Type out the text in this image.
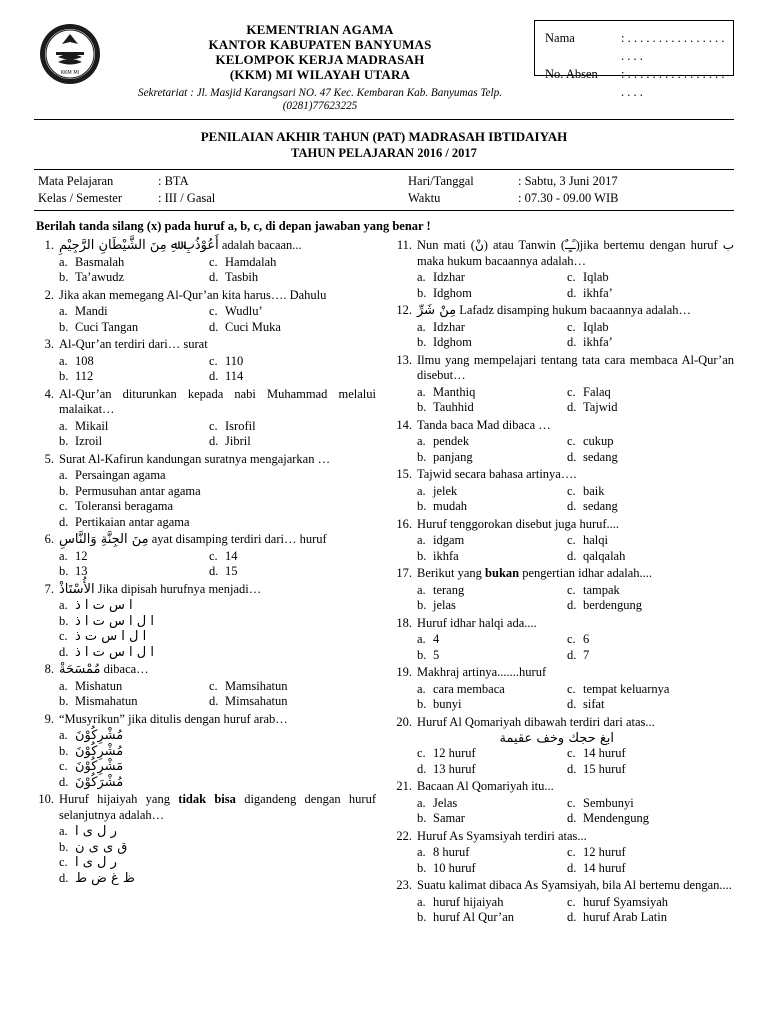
KKM MI
KEMENTRIAN AGAMA
KANTOR KABUPATEN BANYUMAS
KELOMPOK KERJA MADRASAH
(KKM) MI WILAYAH UTARA
Sekretariat : Jl. Masjid Karangsari NO. 47 Kec. Kembaran Kab. Banyumas Telp. (0281)77623225
Nama	: . . . . . . . . . . . . . . . . . . . .
No. Absen	: . . . . . . . . . . . . . . . . . . . .
PENILAIAN AKHIR TAHUN (PAT) MADRASAH IBTIDAIYAH
TAHUN PELAJARAN 2016 / 2017
Mata Pelajaran	: BTA	Hari/Tanggal	: Sabtu, 3 Juni 2017
Kelas / Semester	: III / Gasal	Waktu	: 07.30 - 09.00 WIB
Berilah tanda silang (x) pada huruf a, b, c, di depan jawaban yang benar !
1. أَعُوْذُبِ ﷲِ مِنَ الشَّيْطَانِ الرَّجِيْمِ adalah bacaan...
a. Basmalah	c. Hamdalah
b. Ta’awudz	d. Tasbih
2. Jika akan memegang Al-Qur’an kita harus…. Dahulu
a. Mandi	c. Wudlu’
b. Cuci Tangan	d. Cuci Muka
3. Al-Qur’an terdiri dari… surat
a. 108	c. 110
b. 112	d. 114
4. Al-Qur’an diturunkan kepada nabi Muhammad melalui malaikat…
a. Mikail	c. Isrofil
b. Izroil	d. Jibril
5. Surat Al-Kafirun kandungan suratnya mengajarkan …
a. Persaingan agama
b. Permusuhan antar agama
c. Toleransi beragama
d. Pertikaian antar agama
6. مِنَ الجِنَّةِ وَالنَّاسِ ayat disamping terdiri dari… huruf
a. 12	c. 14
b. 13	d. 15
7. الأُسْتَاذْ Jika dipisah hurufnya menjadi…
a. ا س ت ا ذ
b. ا ل ا س ت ا ذ
c. ا ل ا س ت ذ
d. ا ل ا س ت ا ذ
8. مُمْسَحَةْ dibaca…
a. Mishatun	c. Mamsihatun
b. Mismahatun	d. Mimsahatun
9. “Musyrikun” jika ditulis dengan huruf arab…
a. مُشْرِكُوْنَ
b. مُشْرِكُوْنَ
c. مَشْرِكُوْنَ
d. مُشْرَكُوْنَ
10. Huruf hijaiyah yang tidak bisa digandeng dengan huruf selanjutnya adalah…
a. ر ل ى ا
b. ق ى ى ن
c. ر ل ى ا
d. ظ غ ض ط
11. Nun mati (نْ) atau Tanwin (ـًـٍـٌ)jika bertemu dengan huruf ب maka hukum bacaannya adalah…
a. Idzhar	c. Iqlab
b. Idghom	d. ikhfa’
12. مِنْ شَرِّ Lafadz disamping hukum bacaannya adalah…
a. Idzhar	c. Iqlab
b. Idghom	d. ikhfa’
13. Ilmu yang mempelajari tentang tata cara membaca Al-Qur’an disebut…
a. Manthiq	c. Falaq
b. Tauhhid	d. Tajwid
14. Tanda baca Mad dibaca …
a. pendek	c. cukup
b. panjang	d. sedang
15. Tajwid secara bahasa artinya….
a. jelek	c. baik
b. mudah	d. sedang
16. Huruf tenggorokan disebut juga huruf....
a. idgam	c. halqi
b. ikhfa	d. qalqalah
17. Berikut yang bukan pengertian idhar adalah....
a. terang	c. tampak
b. jelas	d. berdengung
18. Huruf idhar halqi ada....
a. 4	c. 6
b. 5	d. 7
19. Makhraj artinya.......huruf
a. cara membaca	c. tempat keluarnya
b. bunyi	d. sifat
20. Huruf Al Qomariyah dibawah terdiri dari atas...
ابغ حجك وخف عقيمة
c. 12 huruf	c. 14 huruf
d. 13 huruf	d. 15 huruf
21. Bacaan Al Qomariyah itu...
a. Jelas	c. Sembunyi
b. Samar	d. Mendengung
22. Huruf As Syamsiyah terdiri atas...
a. 8 huruf	c. 12 huruf
b. 10 huruf	d. 14 huruf
23. Suatu kalimat dibaca As Syamsiyah, bila Al bertemu dengan....
a. huruf hijaiyah	c. huruf Syamsiyah
b. huruf Al Qur’an	d. huruf Arab Latin
